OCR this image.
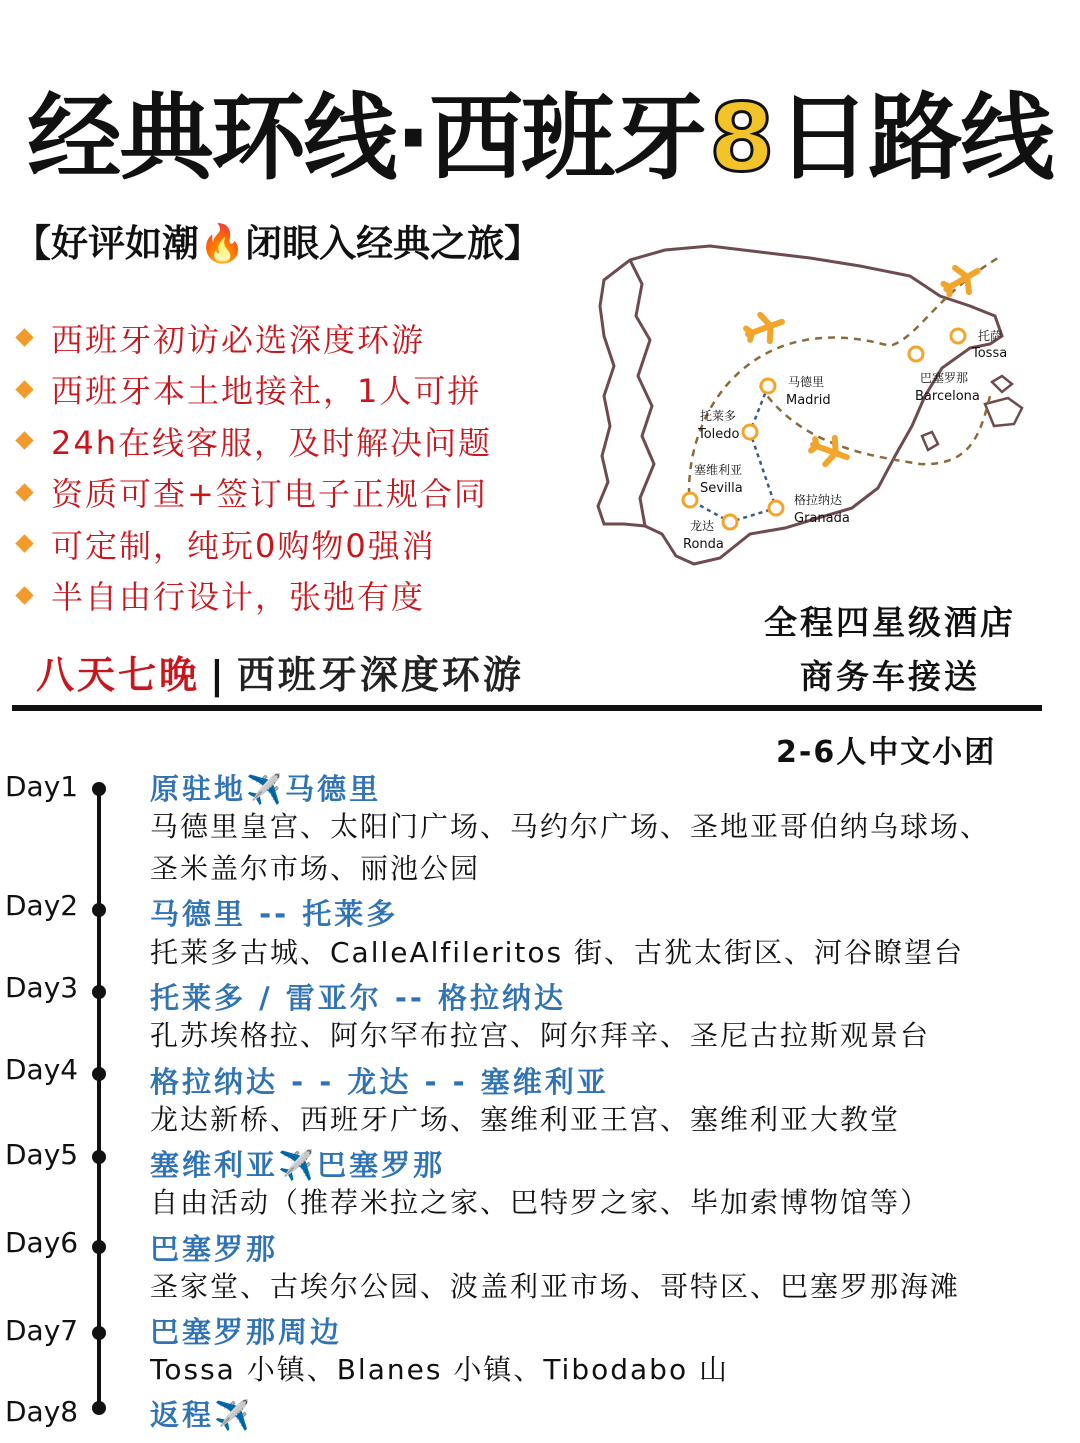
经典环线·西班牙8日路线
【好评如潮🔥闭眼入经典之旅】
西班牙初访必选深度环游
西班牙本土地接社，1人可拼
24h在线客服，及时解决问题
资质可查+签订电子正规合同
可定制，纯玩0购物0强消
半自由行设计，张弛有度
托萨
Tossa
巴塞罗那
Barcelona
马德里
Madrid
托莱多
Toledo
塞维利亚
Sevilla
格拉纳达
Granada
龙达
Ronda
八天七晚 | 西班牙深度环游
全程四星级酒店
商务车接送
2-6人中文小团
Day1 原驻地✈️马德里
马德里皇宫、太阳门广场、马约尔广场、圣地亚哥伯纳乌球场、
圣米盖尔市场、丽池公园
Day2 马德里 -- 托莱多
托莱多古城、CalleAlfileritos 街、古犹太街区、河谷瞭望台
Day3 托莱多 / 雷亚尔 -- 格拉纳达
孔苏埃格拉、阿尔罕布拉宫、阿尔拜辛、圣尼古拉斯观景台
Day4 格拉纳达 - - 龙达 - - 塞维利亚
龙达新桥、西班牙广场、塞维利亚王宫、塞维利亚大教堂
Day5 塞维利亚✈️巴塞罗那
自由活动（推荐米拉之家、巴特罗之家、毕加索博物馆等）
Day6 巴塞罗那
圣家堂、古埃尔公园、波盖利亚市场、哥特区、巴塞罗那海滩
Day7 巴塞罗那周边
Tossa 小镇、Blanes 小镇、Tibodabo 山
Day8 返程✈️
